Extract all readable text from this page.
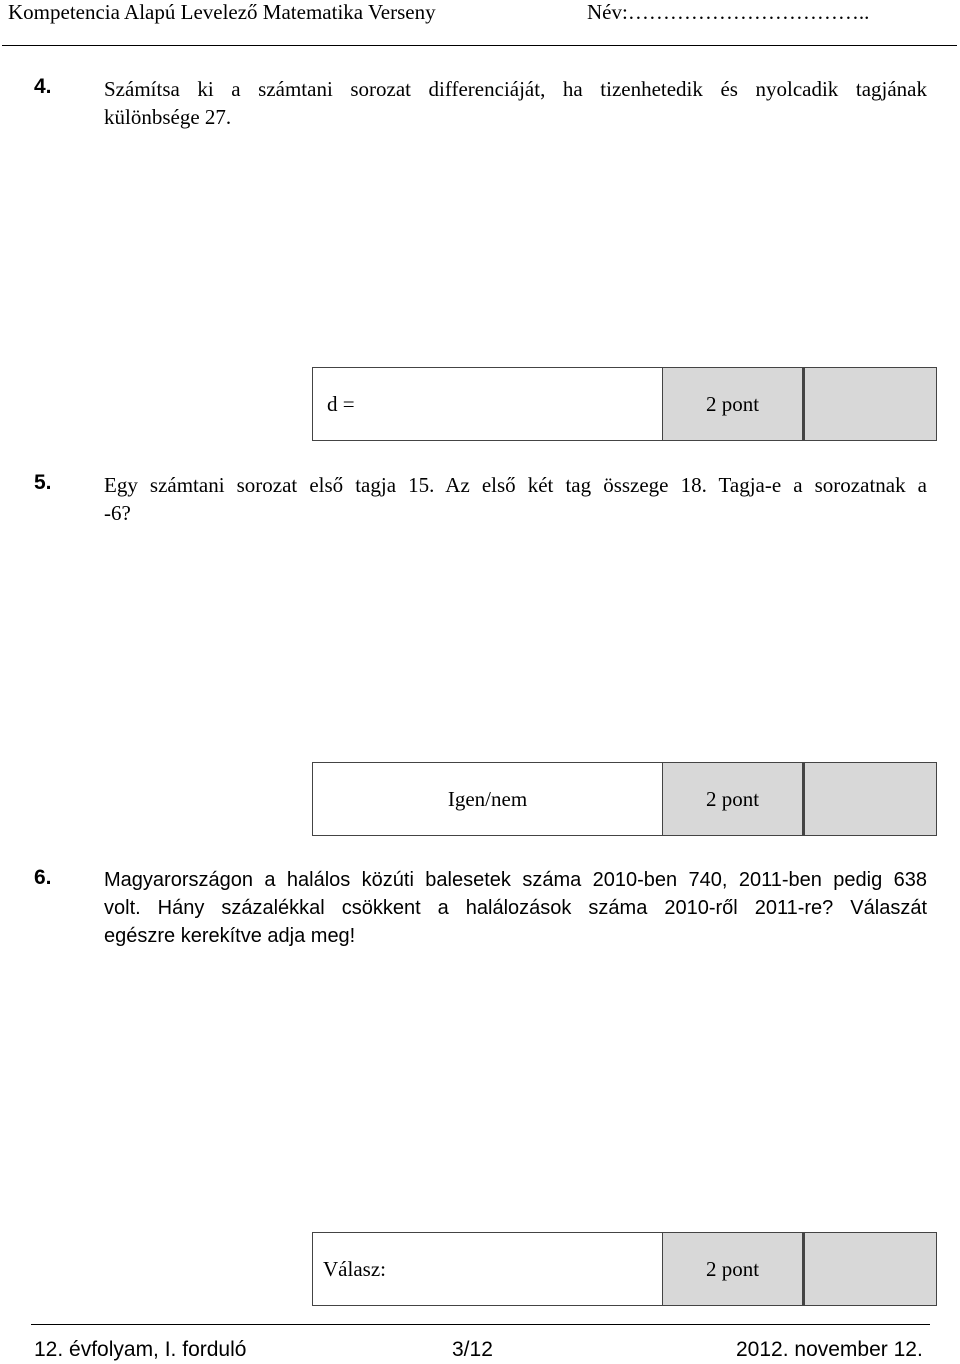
Kompetencia Alapú Levelező Matematika Verseny	Név:……………………………..
4. Számítsa ki a számtani sorozat differenciáját, ha tizenhetedik és nyolcadik tagjának
különbsége 27.
d =	2 pont
5. Egy számtani sorozat első tagja 15. Az első két tag összege 18. Tagja-e a sorozatnak a
-6?
Igen/nem	2 pont
6.	Magyarországon a halálos közúti balesetek száma 2010-ben 740, 2011-ben pedig 638
volt. Hány százalékkal csökkent a halálozások száma 2010-ről 2011-re? Válaszát
egészre kerekítve adja meg!
Válasz:	2 pont
12. évfolyam, I. forduló	3/12	2012. november 12.
